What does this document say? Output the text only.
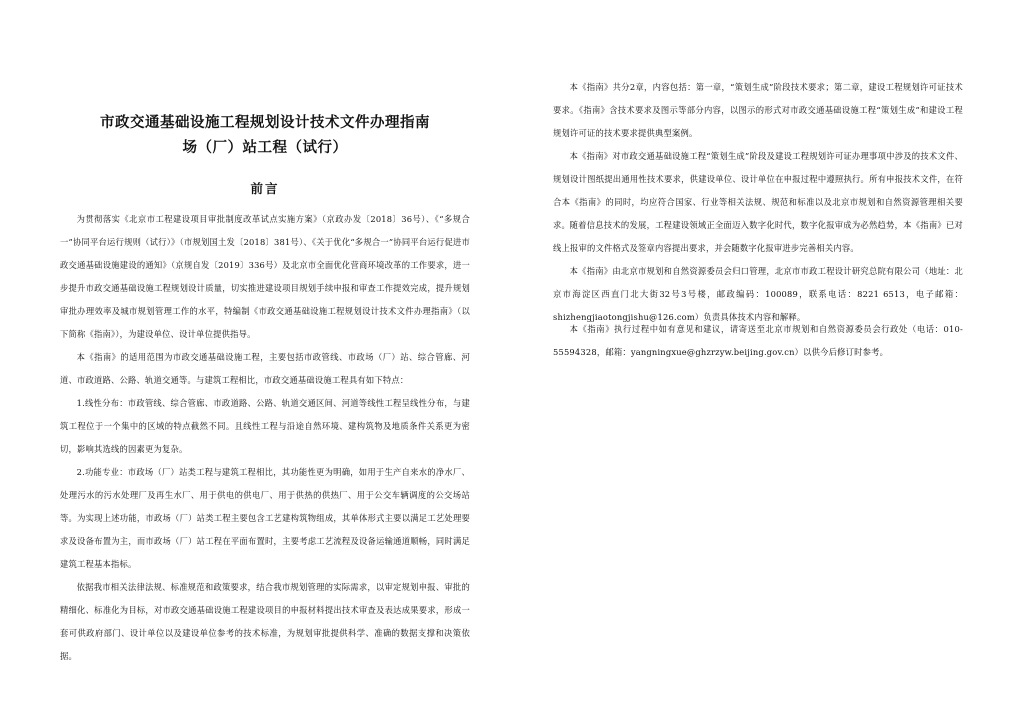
市政交通基础设施工程规划设计技术文件办理指南
场（厂）站工程（试行）
前言

为贯彻落实《北京市工程建设项目审批制度改革试点实施方案》（京政办发〔2018〕36号）、《“多规合一”协同平台运行规则（试行）》（市规划国土发〔2018〕381号）、《关于优化“多规合一”协同平台运行促进市政交通基础设施建设的通知》（京规自发〔2019〕336号）及北京市全面优化营商环境改革的工作要求，进一步提升市政交通基础设施工程规划设计质量，切实推进建设项目规划手续申报和审查工作提效完成，提升规划审批办理效率及城市规划管理工作的水平，特编制《市政交通基础设施工程规划设计技术文件办理指南》（以下简称《指南》），为建设单位、设计单位提供指导。

本《指南》的适用范围为市政交通基础设施工程，主要包括市政管线、市政场（厂）站、综合管廊、河道、市政道路、公路、轨道交通等。与建筑工程相比，市政交通基础设施工程具有如下特点：

1.线性分布：市政管线、综合管廊、市政道路、公路、轨道交通区间、河道等线性工程呈线性分布，与建筑工程位于一个集中的区域的特点截然不同。且线性工程与沿途自然环境、建构筑物及地质条件关系更为密切，影响其选线的因素更为复杂。

2.功能专业：市政场（厂）站类工程与建筑工程相比，其功能性更为明确，如用于生产自来水的净水厂、处理污水的污水处理厂及再生水厂、用于供电的供电厂、用于供热的供热厂、用于公交车辆调度的公交场站等。为实现上述功能，市政场（厂）站类工程主要包含工艺建构筑物组成，其单体形式主要以满足工艺处理要求及设备布置为主，而市政场（厂）站工程在平面布置时，主要考虑工艺流程及设备运输通道顺畅，同时满足建筑工程基本指标。

依据我市相关法律法规、标准规范和政策要求，结合我市规划管理的实际需求，以审定规划申报、审批的精细化、标准化为目标，对市政交通基础设施工程建设项目的申报材料提出技术审查及表达成果要求，形成一套可供政府部门、设计单位以及建设单位参考的技术标准，为规划审批提供科学、准确的数据支撑和决策依据。

本《指南》共分2章，内容包括：第一章，“策划生成”阶段技术要求；第二章，建设工程规划许可证技术要求。《指南》含技术要求及图示等部分内容，以图示的形式对市政交通基础设施工程“策划生成”和建设工程规划许可证的技术要求提供典型案例。

本《指南》对市政交通基础设施工程“策划生成”阶段及建设工程规划许可证办理事项中涉及的技术文件、规划设计图纸提出通用性技术要求，供建设单位、设计单位在申报过程中遵照执行。所有申报技术文件，在符合本《指南》的同时，均应符合国家、行业等相关法规、规范和标准以及北京市规划和自然资源管理相关要求。 随着信息技术的发展，工程建设领域正全面迈入数字化时代，数字化报审成为必然趋势，本《指南》已对线上报审的文件格式及签章内容提出要求，并会随数字化报审进步完善相关内容。

本《指南》由北京市规划和自然资源委员会归口管理，北京市市政工程设计研究总院有限公司（地址：北京市海淀区西直门北大街32号3号楼，邮政编码：100089，联系电话：8221 6513，电子邮箱：shizhengjiaotongjishu@126.com）负责具体技术内容和解释。

本《指南》执行过程中如有意见和建议，请寄送至北京市规划和自然资源委员会行政处（电话：010-55594328，邮箱：yangningxue@ghzrzyw.beijing.gov.cn）以供今后修订时参考。
